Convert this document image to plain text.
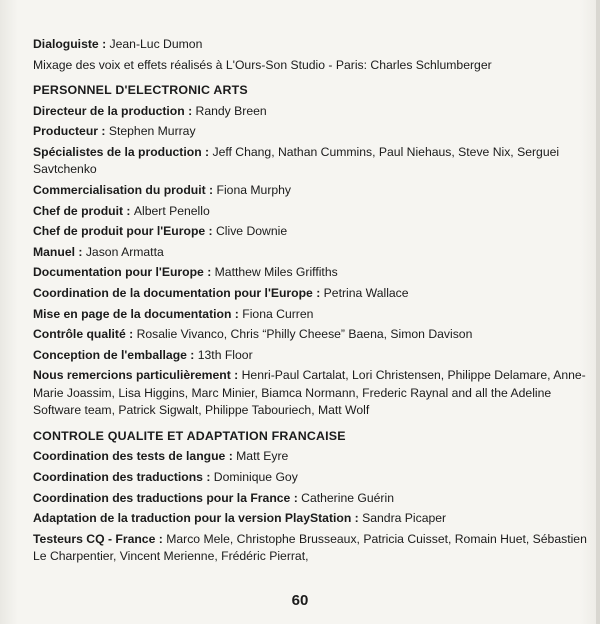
Dialoguiste : Jean-Luc Dumon
Mixage des voix et effets réalisés à L'Ours-Son Studio - Paris: Charles Schlumberger
PERSONNEL D'ELECTRONIC ARTS
Directeur de la production : Randy Breen
Producteur : Stephen Murray
Spécialistes de la production : Jeff Chang, Nathan Cummins, Paul Niehaus, Steve Nix, Serguei Savtchenko
Commercialisation du produit : Fiona Murphy
Chef de produit : Albert Penello
Chef de produit pour l'Europe : Clive Downie
Manuel : Jason Armatta
Documentation pour l'Europe : Matthew Miles Griffiths
Coordination de la documentation pour l'Europe : Petrina Wallace
Mise en page de la documentation : Fiona Curren
Contrôle qualité : Rosalie Vivanco, Chris “Philly Cheese” Baena, Simon Davison
Conception de l'emballage : 13th Floor
Nous remercions particulièrement : Henri-Paul Cartalat, Lori Christensen, Philippe Delamare, Anne-Marie Joassim, Lisa Higgins, Marc Minier, Biamca Normann, Frederic Raynal and all the Adeline Software team, Patrick Sigwalt, Philippe Tabouriech, Matt Wolf
CONTROLE QUALITE ET ADAPTATION FRANCAISE
Coordination des tests de langue : Matt Eyre
Coordination des traductions : Dominique Goy
Coordination des traductions pour la France : Catherine Guérin
Adaptation de la traduction pour la version PlayStation : Sandra Picaper
Testeurs CQ - France : Marco Mele, Christophe Brusseaux, Patricia Cuisset, Romain Huet, Sébastien Le Charpentier, Vincent Merienne, Frédéric Pierrat,
60
